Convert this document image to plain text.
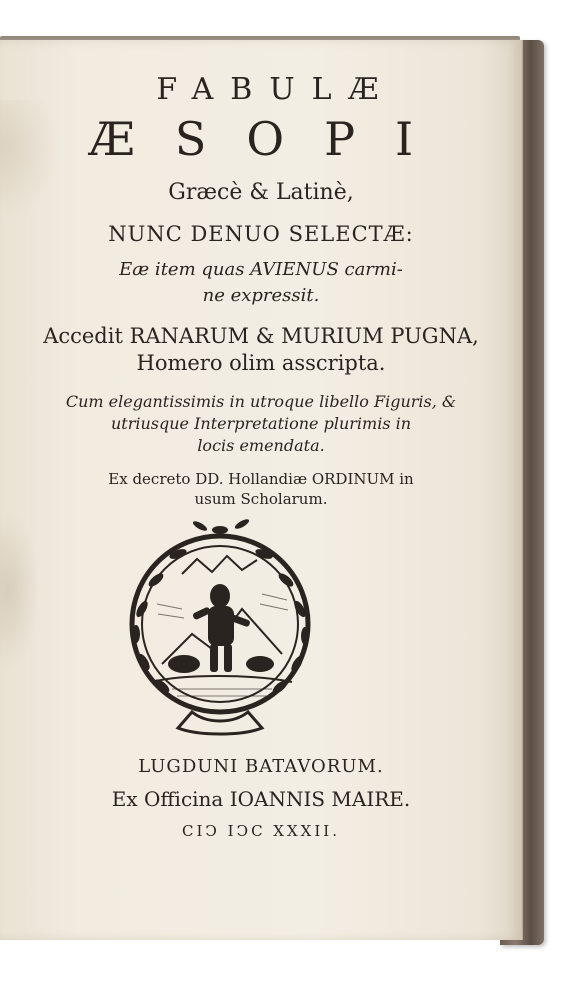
FABULÆ
ÆSOPI
Græcè & Latinè,
NUNC DENUO SELECTÆ:
Eæ item quas AVIENUS carmi-
ne expressit.
Accedit RANARUM & MURIUM PUGNA,
Homero olim asscripta.
Cum elegantissimis in utroque libello Figuris, &
utriusque Interpretatione plurimis in
locis emendata.
Ex decreto DD. Hollandiæ ORDINUM in
usum Scholarum.
LUGDUNI BATAVORUM.
Ex Officina IOANNIS MAIRE.
CIↃ IↃC XXXII.
